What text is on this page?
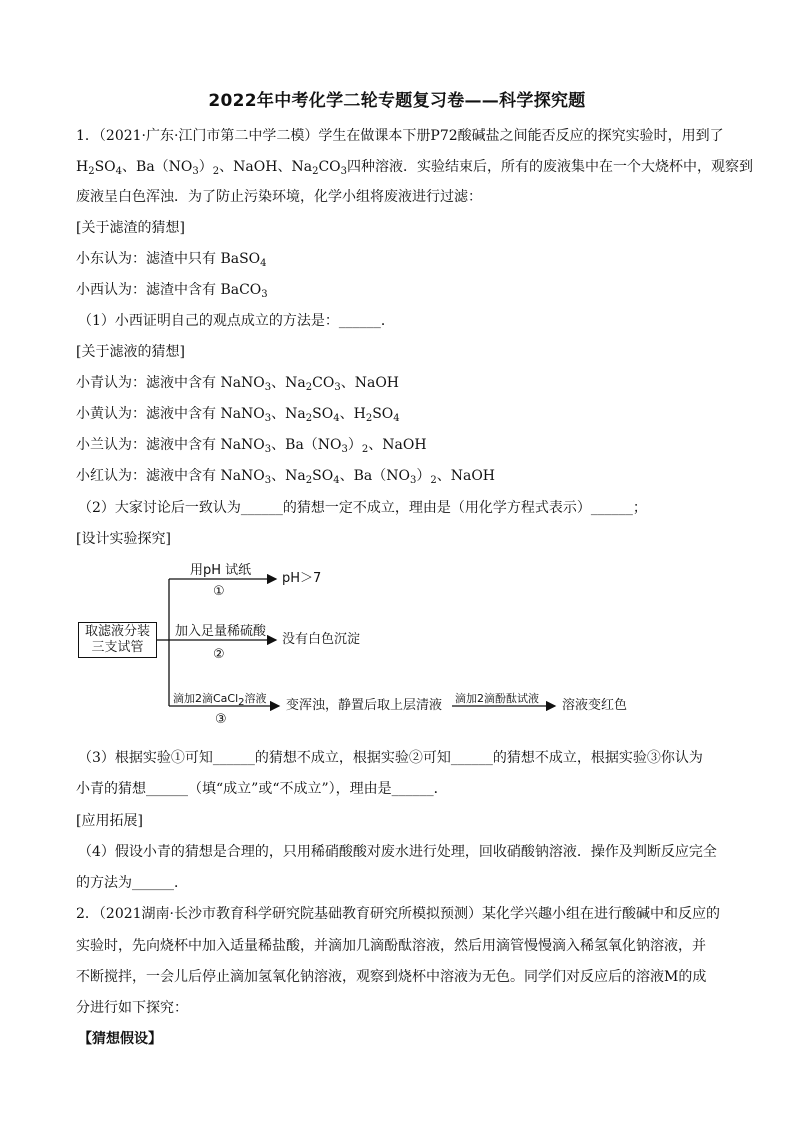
2022年中考化学二轮专题复习卷——科学探究题
1．（2021·广东·江门市第二中学二模）学生在做课本下册P72酸碱盐之间能否反应的探究实验时，用到了
$H_2SO_4$、$Ba(NO_3)_2$、NaOH、$Na_2CO_3$四种溶液．实验结束后，所有的废液集中在一个大烧杯中，观察到
废液呈白色浑浊．为了防止污染环境，化学小组将废液进行过滤：
[关于滤渣的猜想]
小东认为：滤渣中只有 BaSO$_4$
小西认为：滤渣中含有 BaCO$_3$
（1）小西证明自己的观点成立的方法是：______．
[关于滤液的猜想]
小青认为：滤液中含有 NaNO$_3$、$Na_2CO_3$、NaOH
小黄认为：滤液中含有 NaNO$_3$、$Na_2SO_4$、$H_2SO_4$
小兰认为：滤液中含有 NaNO$_3$、$Ba(NO_3)_2$、NaOH
小红认为：滤液中含有 NaNO$_3$、$Na_2SO_4$、$Ba(NO_3)_2$、NaOH
（2）大家讨论后一致认为______的猜想一定不成立，理由是（用化学方程式表示）______；
[设计实验探究]
取滤液分装
三支试管
用pH 试纸
①
pH＞7
加入足量稀硫酸
②
没有白色沉淀
滴加2滴CaCl$_2$溶液
③
变浑浊，静置后取上层清液 滴加2滴酚酞试液 溶液变红色
（3）根据实验①可知______的猜想不成立，根据实验②可知______的猜想不成立，根据实验③你认为
小青的猜想______（填“成立”或“不成立”），理由是______．
[应用拓展]
（4）假设小青的猜想是合理的，只用稀硝酸酸对废水进行处理，回收硝酸钠溶液．操作及判断反应完全
的方法为______．
2．（2021湖南·长沙市教育科学研究院基础教育研究所模拟预测）某化学兴趣小组在进行酸碱中和反应的
实验时，先向烧杯中加入适量稀盐酸，并滴加几滴酚酞溶液，然后用滴管慢慢滴入稀氢氧化钠溶液，并
不断搅拌，一会儿后停止滴加氢氧化钠溶液，观察到烧杯中溶液为无色。同学们对反应后的溶液M的成
分进行如下探究：
【猜想假设】
